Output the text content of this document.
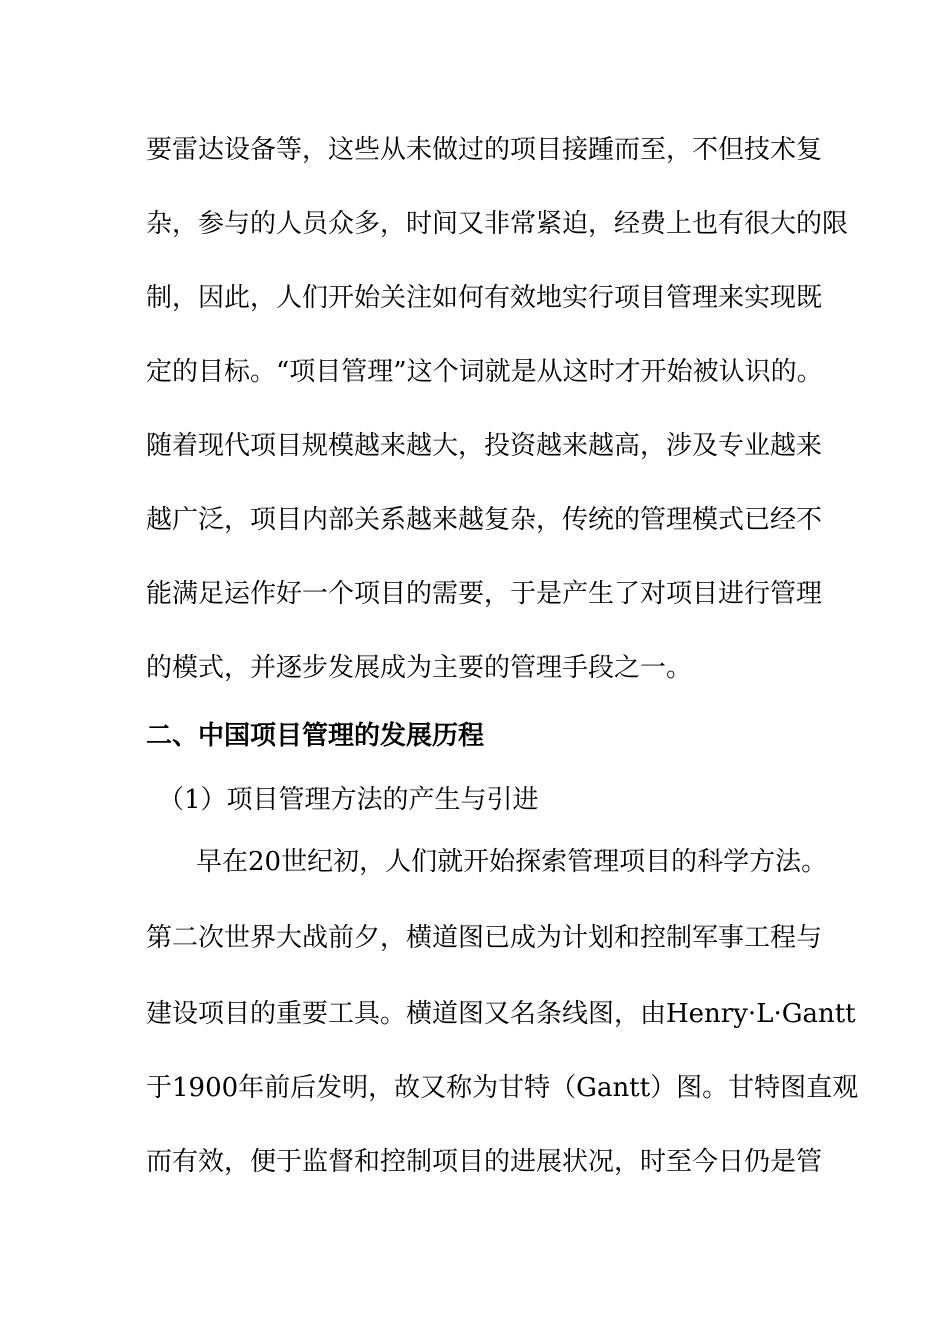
要雷达设备等，这些从未做过的项目接踵而至，不但技术复
杂，参与的人员众多，时间又非常紧迫，经费上也有很大的限
制，因此，人们开始关注如何有效地实行项目管理来实现既
定的目标。“项目管理”这个词就是从这时才开始被认识的。
随着现代项目规模越来越大，投资越来越高，涉及专业越来
越广泛，项目内部关系越来越复杂，传统的管理模式已经不
能满足运作好一个项目的需要，于是产生了对项目进行管理
的模式，并逐步发展成为主要的管理手段之一。
二、中国项目管理的发展历程
（1）项目管理方法的产生与引进
早在20世纪初，人们就开始探索管理项目的科学方法。
第二次世界大战前夕，横道图已成为计划和控制军事工程与
建设项目的重要工具。横道图又名条线图，由Henry·L·Gantt
于1900年前后发明，故又称为甘特（Gantt）图。甘特图直观
而有效，便于监督和控制项目的进展状况，时至今日仍是管
